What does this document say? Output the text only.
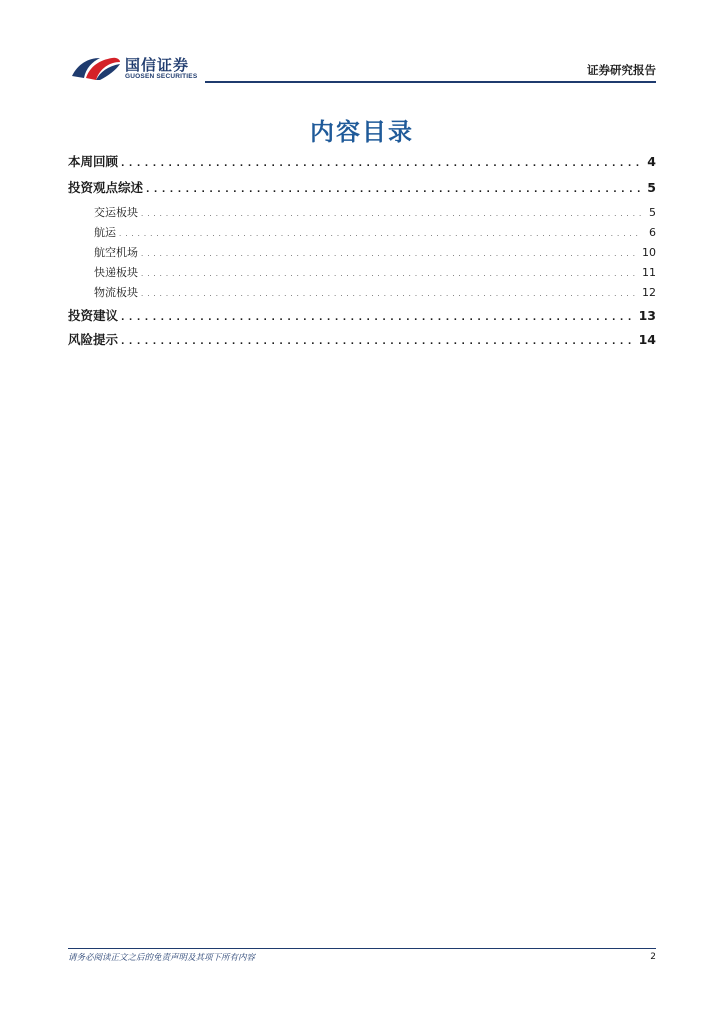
国信证券
GUOSEN SECURITIES	证券研究报告
内容目录
本周回顾 .....	4
投资观点综述 .....	5
交运板块 .....	5
航运 .....	6
航空机场 .....	10
快递板块 .....	11
物流板块 .....	12
投资建议 .....	13
风险提示 .....	14
请务必阅读正文之后的免责声明及其项下所有内容	2
